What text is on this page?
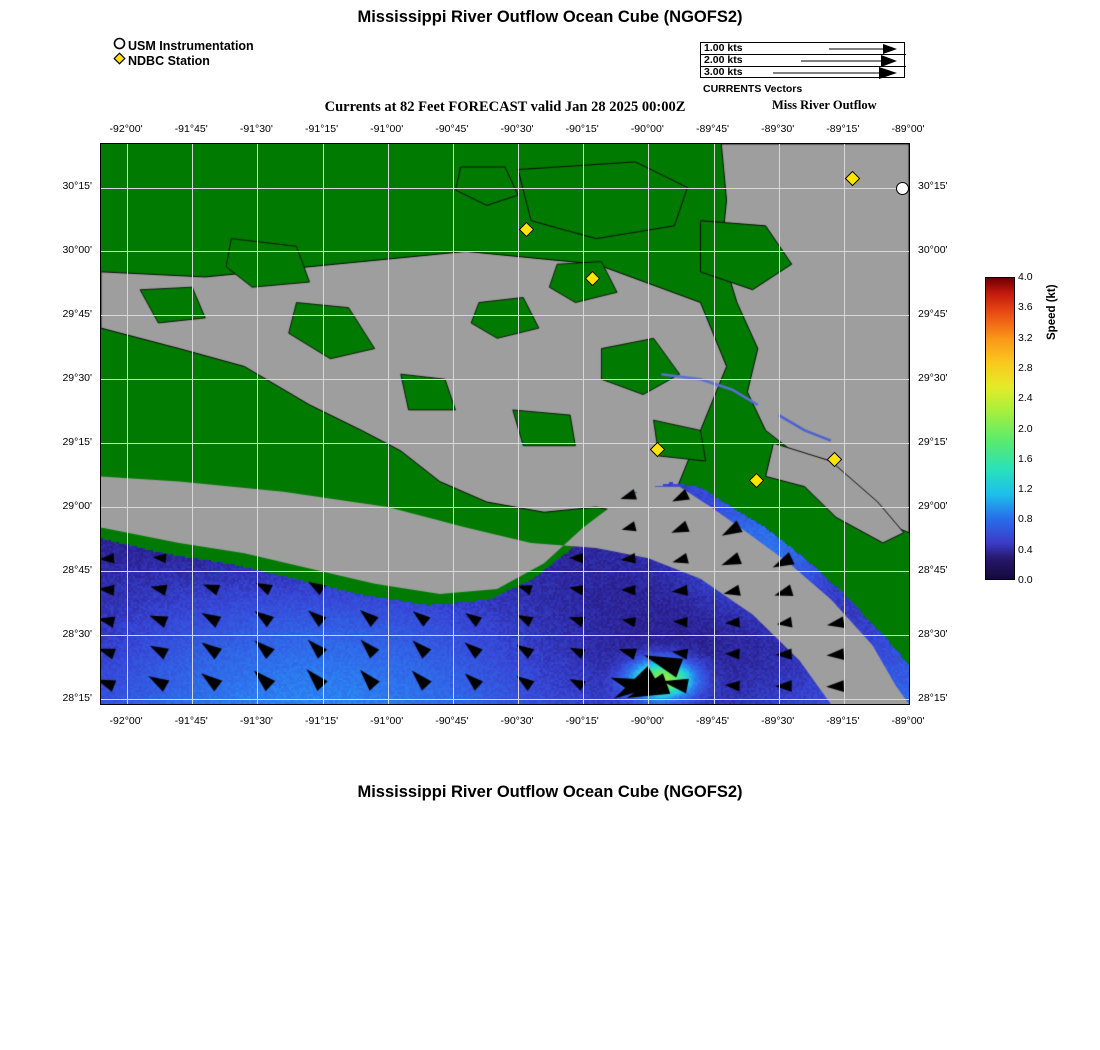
Mississippi River Outflow Ocean Cube (NGOFS2)
USM Instrumentation
NDBC Station
1.00 kts
2.00 kts
3.00 kts
CURRENTS Vectors
Currents at 82 Feet FORECAST valid Jan 28 2025 00:00Z	Miss River Outflow
-92°00'
-92°00'
-91°45'
-91°45'
-91°30'
-91°30'
-91°15'
-91°15'
-91°00'
-91°00'
-90°45'
-90°45'
-90°30'
-90°30'
-90°15'
-90°15'
-90°00'
-90°00'
-89°45'
-89°45'
-89°30'
-89°30'
-89°15'
-89°15'
-89°00'
-89°00'
30°15'	30°15'
30°00'	30°00'
29°45'	29°45'
29°30'	29°30'
29°15'	29°15'
29°00'	29°00'
28°45'	28°45'
28°30'	28°30'
28°15'	28°15'
4.0
3.6
3.2
2.8
2.4
2.0
1.6
1.2
0.8
0.4
0.0
Speed (kt)
Mississippi River Outflow Ocean Cube (NGOFS2)
